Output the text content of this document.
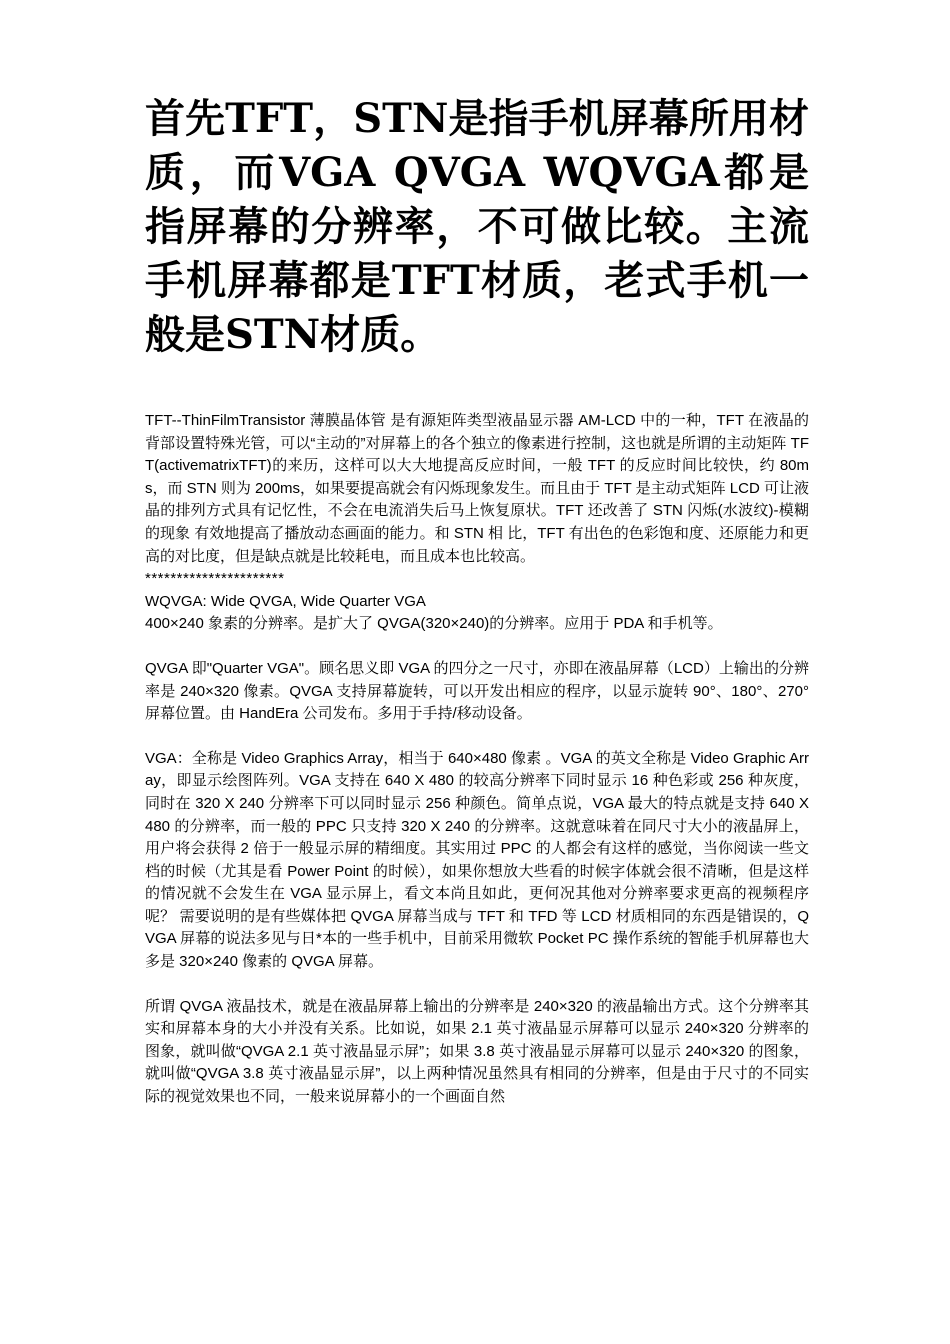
首先TFT，STN是指手机屏幕所用材质，而VGA QVGA WQVGA都是指屏幕的分辨率，不可做比较。主流手机屏幕都是TFT材质，老式手机一般是STN材质。

TFT--ThinFilmTransistor 薄膜晶体管 是有源矩阵类型液晶显示器 AM-LCD 中的一种，TFT 在液晶的背部设置特殊光管，可以“主动的”对屏幕上的各个独立的像素进行控制，这也就是所谓的主动矩阵 TFT(activematrixTFT)的来历，这样可以大大地提高反应时间，一般 TFT 的反应时间比较快，约 80ms，而 STN 则为 200ms，如果要提高就会有闪烁现象发生。而且由于 TFT 是主动式矩阵 LCD 可让液晶的排列方式具有记忆性，不会在电流消失后马上恢复原状。TFT 还改善了 STN 闪烁(水波纹)-模糊的现象 有效地提高了播放动态画面的能力。和 STN 相 比，TFT 有出色的色彩饱和度、还原能力和更高的对比度，但是缺点就是比较耗电，而且成本也比较高。

**********************

WQVGA: Wide QVGA, Wide Quarter VGA

400×240 象素的分辨率。是扩大了 QVGA(320×240)的分辨率。应用于 PDA 和手机等。

QVGA 即"Quarter VGA"。顾名思义即 VGA 的四分之一尺寸，亦即在液晶屏幕（LCD）上输出的分辨率是 240×320 像素。QVGA 支持屏幕旋转，可以开发出相应的程序，以显示旋转 90°、180°、270°屏幕位置。由 HandEra 公司发布。多用于手持/移动设备。

VGA：全称是 Video Graphics Array，相当于 640×480 像素 。VGA 的英文全称是 Video Graphic Array，即显示绘图阵列。VGA 支持在 640 X 480 的较高分辨率下同时显示 16 种色彩或 256 种灰度，同时在 320 X 240 分辨率下可以同时显示 256 种颜色。简单点说，VGA 最大的特点就是支持 640 X 480 的分辨率，而一般的 PPC 只支持 320 X 240 的分辨率。这就意味着在同尺寸大小的液晶屏上，用户将会获得 2 倍于一般显示屏的精细度。其实用过 PPC 的人都会有这样的感觉，当你阅读一些文档的时候（尤其是看 Power Point 的时候），如果你想放大些看的时候字体就会很不清晰，但是这样的情况就不会发生在 VGA 显示屏上，看文本尚且如此，更何况其他对分辨率要求更高的视频程序呢？ 需要说明的是有些媒体把 QVGA 屏幕当成与 TFT 和 TFD 等 LCD 材质相同的东西是错误的，QVGA 屏幕的说法多见与日*本的一些手机中，目前采用微软 Pocket PC 操作系统的智能手机屏幕也大多是 320×240 像素的 QVGA 屏幕。

所谓 QVGA 液晶技术，就是在液晶屏幕上输出的分辨率是 240×320 的液晶输出方式。这个分辨率其实和屏幕本身的大小并没有关系。比如说，如果 2.1 英寸液晶显示屏幕可以显示 240×320 分辨率的图象，就叫做“QVGA 2.1 英寸液晶显示屏”；如果 3.8 英寸液晶显示屏幕可以显示 240×320 的图象，就叫做“QVGA 3.8 英寸液晶显示屏”，以上两种情况虽然具有相同的分辨率，但是由于尺寸的不同实际的视觉效果也不同，一般来说屏幕小的一个画面自然
